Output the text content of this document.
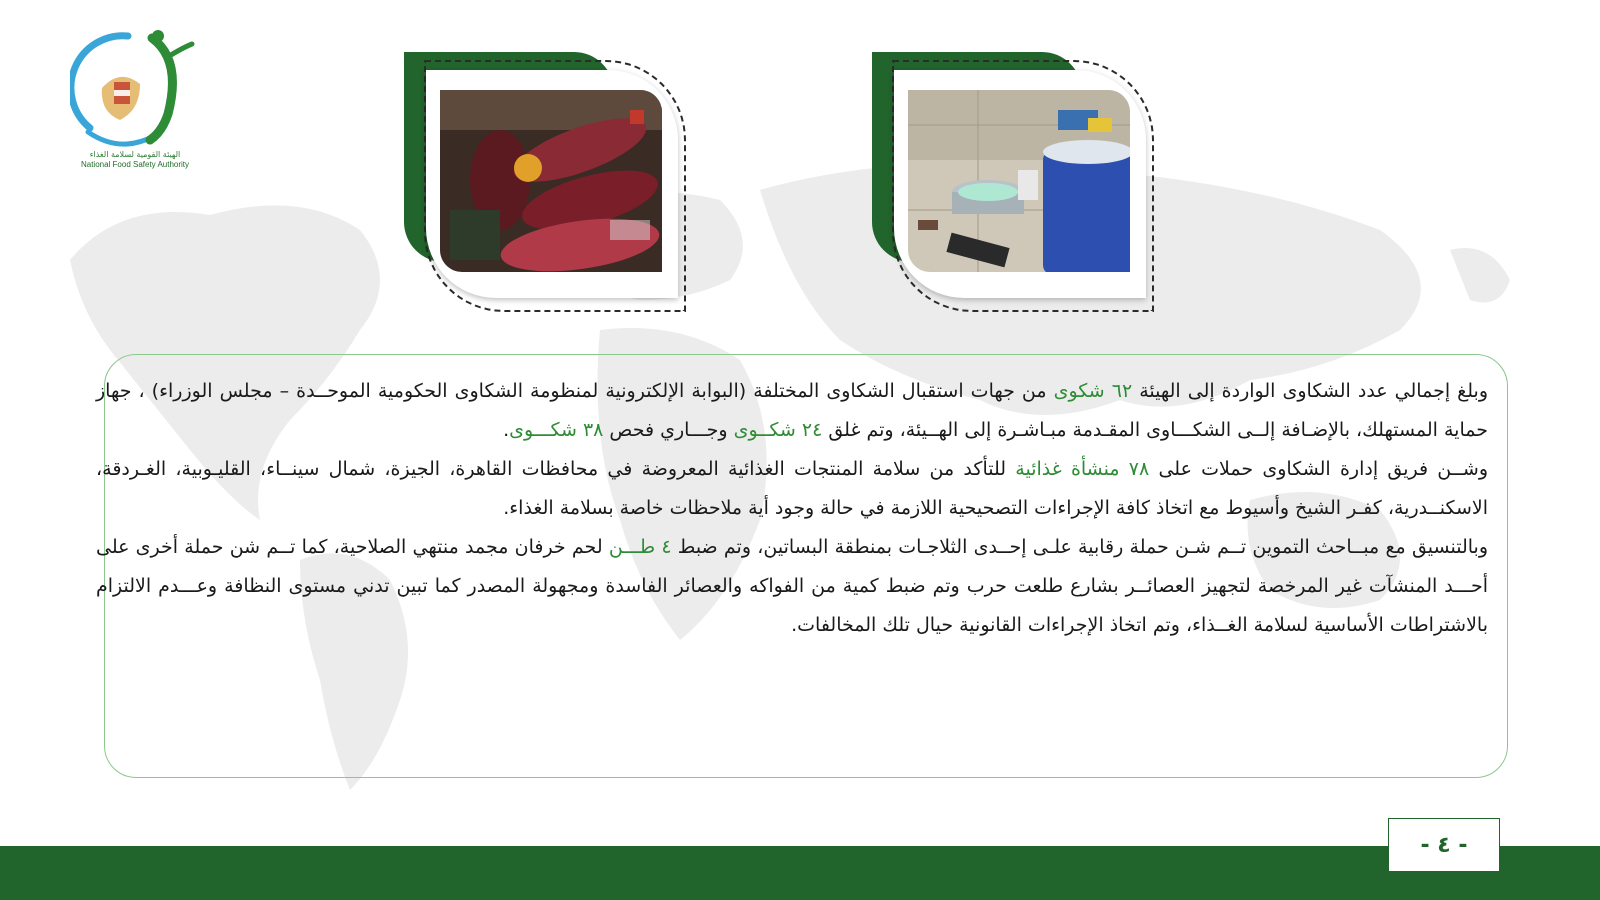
NFSA
الهيئة القومية لسلامة الغذاء
National Food Safety Authority

وبلغ إجمالي عدد الشكاوى الواردة إلى الهيئة ٦٢ شكوى من جهات استقبال الشكاوى المختلفة (البوابة الإلكترونية لمنظومة الشكاوى الحكومية الموحــدة – مجلس الوزراء) ، جهاز حماية المستهلك، بالإضـافة إلــى الشكـــاوى المقـدمة مبـاشـرة إلى الهــيئة، وتم غلق ٢٤ شكــوى وجـــاري فحص ٣٨ شكـــوى.

وشــن فريق إدارة الشكاوى حملات على ٧٨ منشأة غذائية للتأكد من سلامة المنتجات الغذائية المعروضة في محافظات القاهرة، الجيزة، شمال سينــاء، القليـوبية، الغـردقة، الاسكنــدرية، كفـر الشيخ وأسيوط مع اتخاذ كافة الإجراءات التصحيحية اللازمة في حالة وجود أية ملاحظات خاصة بسلامة الغذاء.

وبالتنسيق مع مبــاحث التموين تــم شـن حملة رقابية علـى إحــدى الثلاجـات بمنطقة البساتين، وتم ضبط ٤ طـــن لحم خرفان مجمد منتهي الصلاحية، كما تــم شن حملة أخرى على أحـــد المنشآت غير المرخصة لتجهيز العصائــر بشارع طلعت حرب وتم ضبط كمية من الفواكه والعصائر الفاسدة ومجهولة المصدر كما تبين تدني مستوى النظافة وعـــدم الالتزام بالاشتراطات الأساسية لسلامة الغــذاء، وتم اتخاذ الإجراءات القانونية حيال تلك المخالفات.

- ٤ -
